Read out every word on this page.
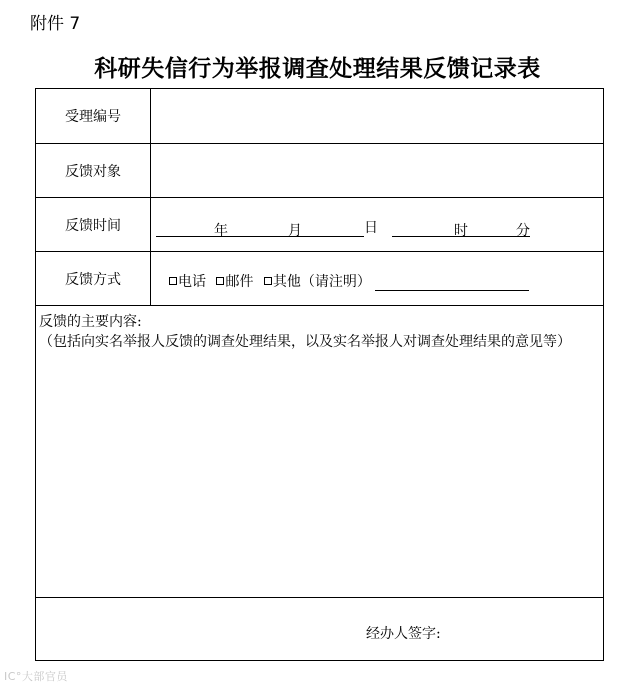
附件 7
科研失信行为举报调查处理结果反馈记录表
受理编号
反馈对象
反馈时间	年	月	日	时	分
反馈方式	电话 邮件 其他（请注明）
反馈的主要内容:
（包括向实名举报人反馈的调查处理结果，以及实名举报人对调查处理结果的意见等）
经办人签字:
IC°大部官员
